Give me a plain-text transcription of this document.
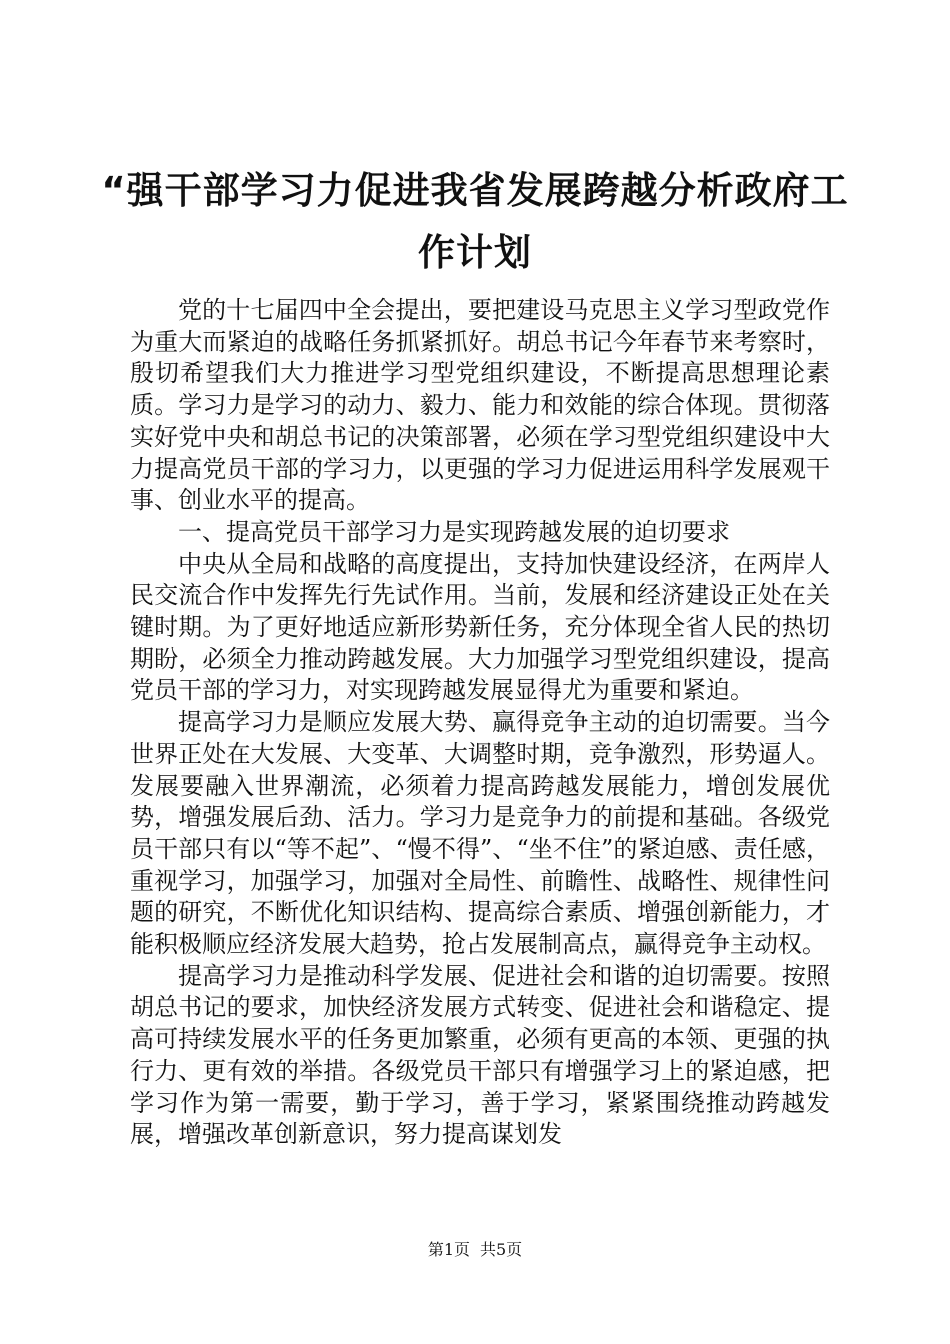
“强干部学习力促进我省发展跨越分析政府工作计划

党的十七届四中全会提出，要把建设马克思主义学习型政党作为重大而紧迫的战略任务抓紧抓好。胡总书记今年春节来考察时，殷切希望我们大力推进学习型党组织建设，不断提高思想理论素质。学习力是学习的动力、毅力、能力和效能的综合体现。贯彻落实好党中央和胡总书记的决策部署，必须在学习型党组织建设中大力提高党员干部的学习力，以更强的学习力促进运用科学发展观干事、创业水平的提高。

一、提高党员干部学习力是实现跨越发展的迫切要求

中央从全局和战略的高度提出，支持加快建设经济，在两岸人民交流合作中发挥先行先试作用。当前，发展和经济建设正处在关键时期。为了更好地适应新形势新任务，充分体现全省人民的热切期盼，必须全力推动跨越发展。大力加强学习型党组织建设，提高党员干部的学习力，对实现跨越发展显得尤为重要和紧迫。

提高学习力是顺应发展大势、赢得竞争主动的迫切需要。当今世界正处在大发展、大变革、大调整时期，竞争激烈，形势逼人。发展要融入世界潮流，必须着力提高跨越发展能力，增创发展优势，增强发展后劲、活力。学习力是竞争力的前提和基础。各级党员干部只有以“等不起”、“慢不得”、“坐不住”的紧迫感、责任感，重视学习，加强学习，加强对全局性、前瞻性、战略性、规律性问题的研究，不断优化知识结构、提高综合素质、增强创新能力，才能积极顺应经济发展大趋势，抢占发展制高点，赢得竞争主动权。

提高学习力是推动科学发展、促进社会和谐的迫切需要。按照胡总书记的要求，加快经济发展方式转变、促进社会和谐稳定、提高可持续发展水平的任务更加繁重，必须有更高的本领、更强的执行力、更有效的举措。各级党员干部只有增强学习上的紧迫感，把学习作为第一需要，勤于学习，善于学习，紧紧围绕推动跨越发展，增强改革创新意识，努力提高谋划发

第1页 共5页
